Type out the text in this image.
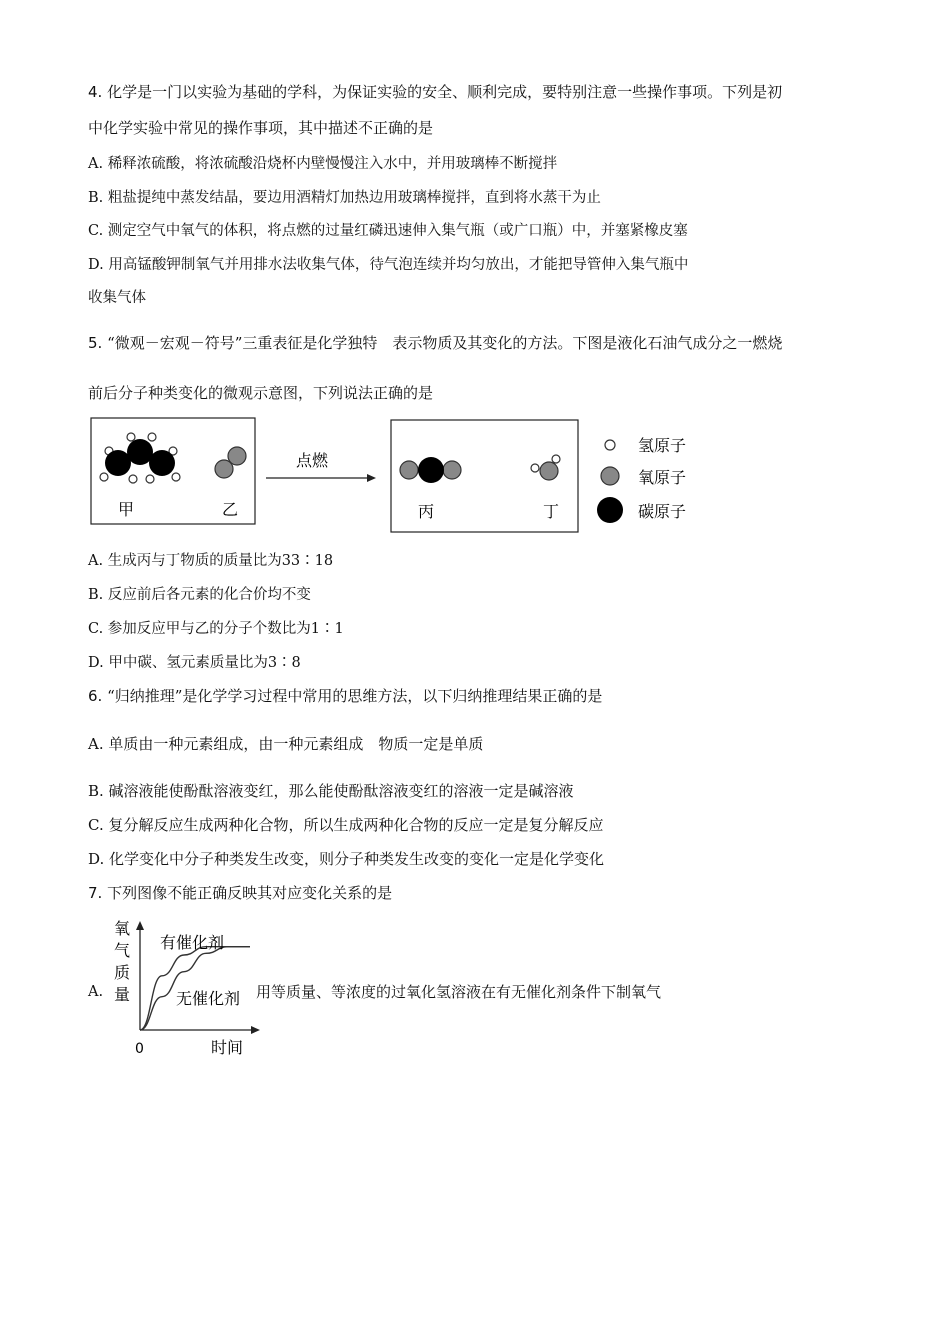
4. 化学是一门以实验为基础的学科，为保证实验的安全、顺利完成，要特别注意一些操作事项。下列是初
中化学实验中常见的操作事项，其中描述不正确的是
A. 稀释浓硫酸，将浓硫酸沿烧杯内壁慢慢注入水中，并用玻璃棒不断搅拌
B. 粗盐提纯中蒸发结晶，要边用酒精灯加热边用玻璃棒搅拌，直到将水蒸干为止
C. 测定空气中氧气的体积，将点燃的过量红磷迅速伸入集气瓶（或广口瓶）中，并塞紧橡皮塞
D. 用高锰酸钾制氧气并用排水法收集气体，待气泡连续并均匀放出，才能把导管伸入集气瓶中
收集气体
5. “微观－宏观－符号”三重表征是化学独特　表示物质及其变化的方法。下图是液化石油气成分之一燃烧
前后分子种类变化的微观示意图，下列说法正确的是
甲	乙
点燃
丙	丁
氢原子
氧原子
碳原子
A. 生成丙与丁物质的质量比为33∶18
B. 反应前后各元素的化合价均不变
C. 参加反应甲与乙的分子个数比为1∶1
D. 甲中碳、氢元素质量比为3∶8
6. “归纳推理”是化学学习过程中常用的思维方法，以下归纳推理结果正确的是
A. 单质由一种元素组成，由一种元素组成　物质一定是单质
B. 碱溶液能使酚酞溶液变红，那么能使酚酞溶液变红的溶液一定是碱溶液
C. 复分解反应生成两种化合物，所以生成两种化合物的反应一定是复分解反应
D. 化学变化中分子种类发生改变，则分子种类发生改变的变化一定是化学变化
7. 下列图像不能正确反映其对应变化关系的是
A.
氧
气
质
量
0	时间
有催化剂
无催化剂 用等质量、等浓度的过氧化氢溶液在有无催化剂条件下制氧气
